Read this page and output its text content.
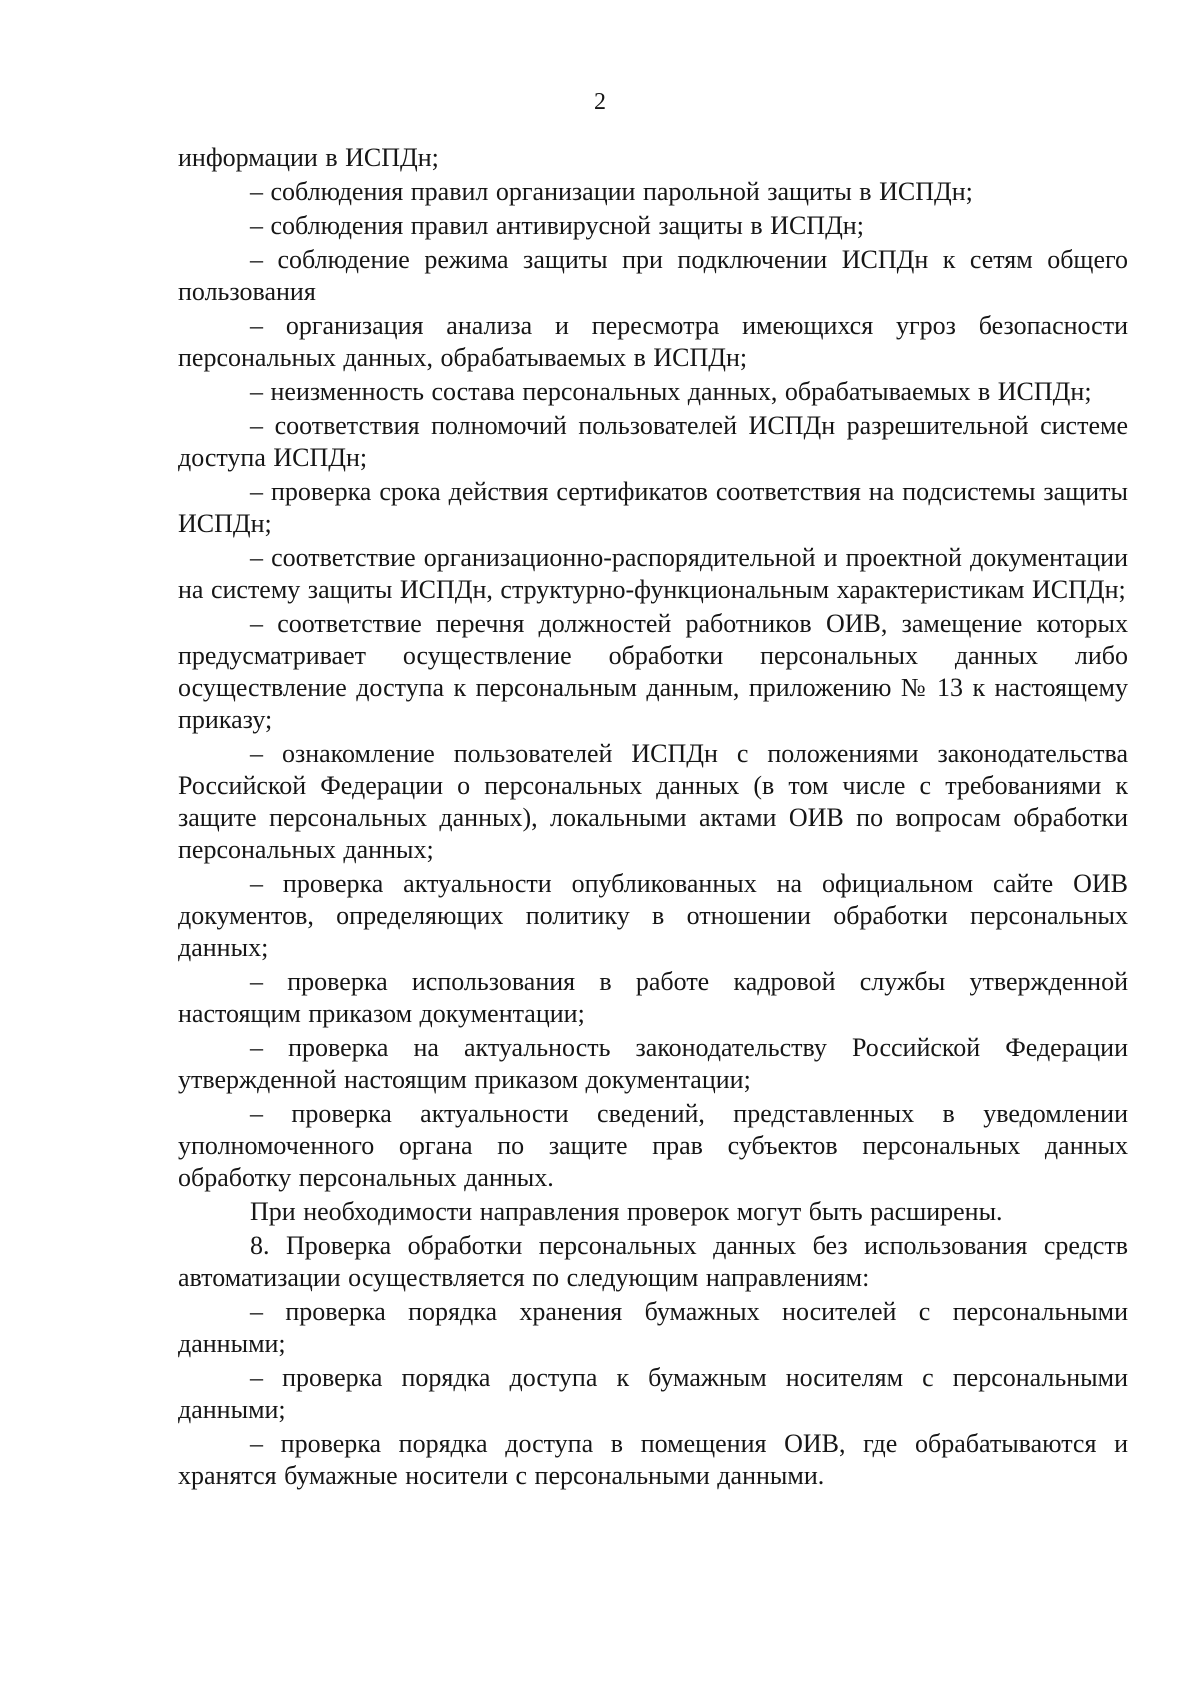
2

информации в ИСПДн;

– соблюдения правил организации парольной защиты в ИСПДн;

– соблюдения правил антивирусной защиты в ИСПДн;

– соблюдение режима защиты при подключении ИСПДн к сетям общего пользования

– организация анализа и пересмотра имеющихся угроз безопасности персональных данных, обрабатываемых в ИСПДн;

– неизменность состава персональных данных, обрабатываемых в ИСПДн;

– соответствия полномочий пользователей ИСПДн разрешительной системе доступа ИСПДн;

– проверка срока действия сертификатов соответствия на подсистемы защиты ИСПДн;

– соответствие организационно-распорядительной и проектной документации на систему защиты ИСПДн, структурно-функциональным характеристикам ИСПДн;

– соответствие перечня должностей работников ОИВ, замещение которых предусматривает осуществление обработки персональных данных либо осуществление доступа к персональным данным, приложению № 13 к настоящему приказу;

– ознакомление пользователей ИСПДн с положениями законодательства Российской Федерации о персональных данных (в том числе с требованиями к защите персональных данных), локальными актами ОИВ по вопросам обработки персональных данных;

– проверка актуальности опубликованных на официальном сайте ОИВ документов, определяющих политику в отношении обработки персональных данных;

– проверка использования в работе кадровой службы утвержденной настоящим приказом документации;

– проверка на актуальность законодательству Российской Федерации утвержденной настоящим приказом документации;

– проверка актуальности сведений, представленных в уведомлении уполномоченного органа по защите прав субъектов персональных данных обработку персональных данных.

При необходимости направления проверок могут быть расширены.

8. Проверка обработки персональных данных без использования средств автоматизации осуществляется по следующим направлениям:

– проверка порядка хранения бумажных носителей с персональными данными;

– проверка порядка доступа к бумажным носителям с персональными данными;

– проверка порядка доступа в помещения ОИВ, где обрабатываются и хранятся бумажные носители с персональными данными.
